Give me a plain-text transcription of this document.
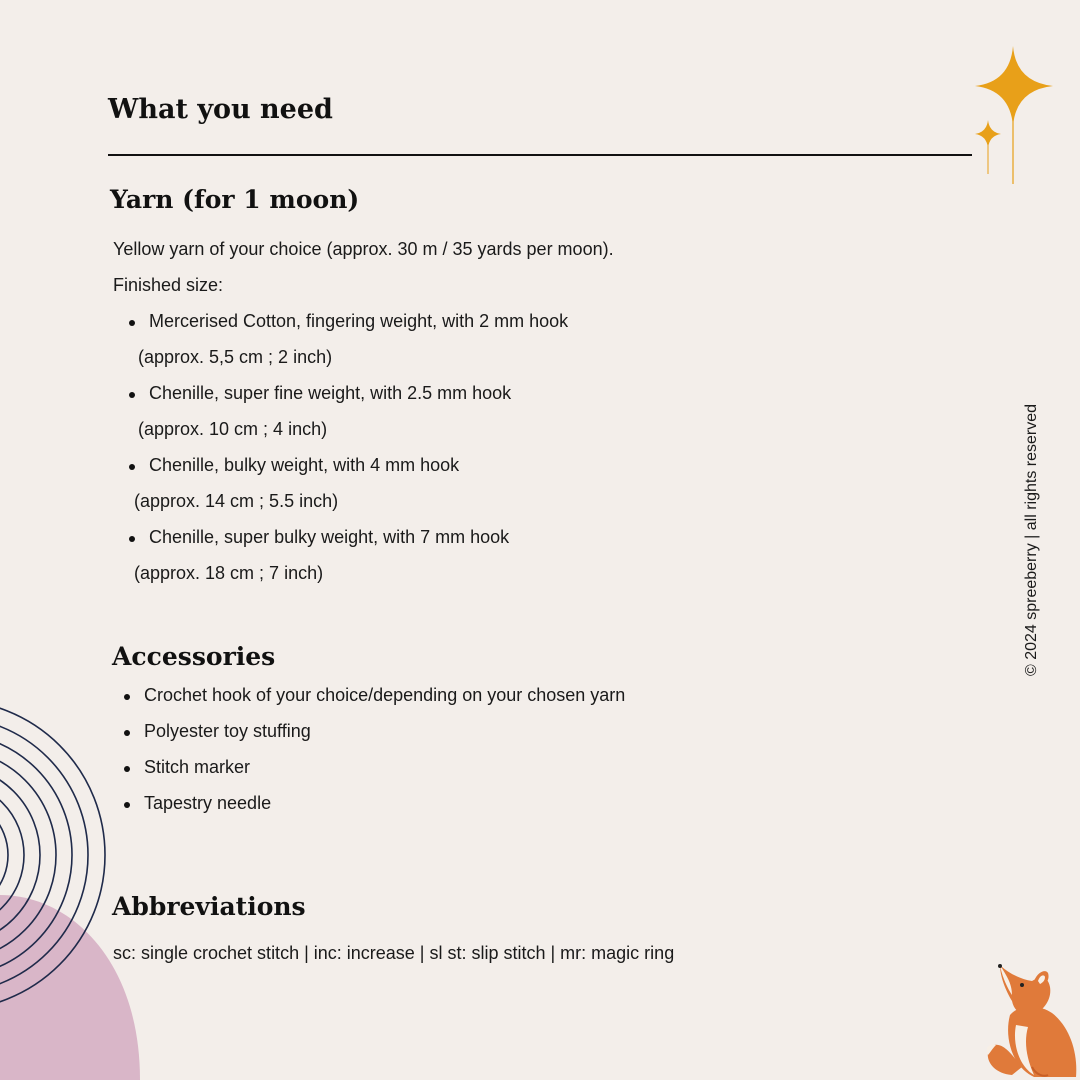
What you need
Yarn (for 1 moon)

Yellow yarn of your choice (approx. 30 m / 35 yards per moon).

Finished size:

Mercerised Cotton, fingering weight, with 2 mm hook

(approx. 5,5 cm ; 2 inch)

Chenille, super fine weight, with 2.5 mm hook

(approx. 10 cm ; 4 inch)

Chenille, bulky weight, with 4 mm hook

(approx. 14 cm ; 5.5 inch)

Chenille, super bulky weight, with 7 mm hook

(approx. 18 cm ; 7 inch)

Accessories
Crochet hook of your choice/depending on your chosen yarn
Polyester toy stuffing
Stitch marker
Tapestry needle
Abbreviations

sc: single crochet stitch | inc: increase | sl st: slip stitch | mr: magic ring

© 2024 spreeberry | all rights reserved
